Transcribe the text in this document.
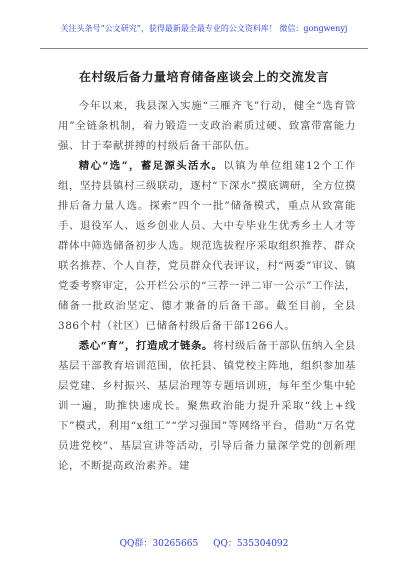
关注头条号“公文研究”，获得最新最全最专业的公文资料库！ 微信：gongwenyj
在村级后备力量培育储备座谈会上的交流发言

今年以来，我县深入实施“三雁齐飞”行动，健全“选育管用”全链条机制，着力锻造一支政治素质过硬、致富带富能力强、甘于奉献拼搏的村级后备干部队伍。

精心“选”，蓄足源头活水。以镇为单位组建12个工作组，坚持县镇村三级联动，逐村“下深水”摸底调研，全方位摸排后备力量人选。探索“四个一批”储备模式，重点从致富能手、退役军人、返乡创业人员、大中专毕业生优秀乡土人才等群体中筛选储备初步人选。规范选拔程序采取组织推荐、群众联名推荐、个人自荐，党员群众代表评议，村“两委”审议、镇党委考察审定，公开栏公示的“三荐一评二审一公示”工作法，储备一批政治坚定、德才兼备的后备干部。截至目前，全县386个村（社区）已储备村级后备干部1266人。

悉心“育”，打造成才链条。将村级后备干部队伍纳入全县基层干部教育培训范围，依托县、镇党校主阵地，组织参加基层党建、乡村振兴、基层治理等专题培训班，每年至少集中轮训一遍，助推快速成长。聚焦政治能力提升采取“线上+线下”模式，利用“x组工”“学习强国”等网络平台，借助“万名党员进党校”、基层宣讲等活动，引导后备力量深学党的创新理论，不断提高政治素养。建

QQ群：30265665 QQ：535304092
